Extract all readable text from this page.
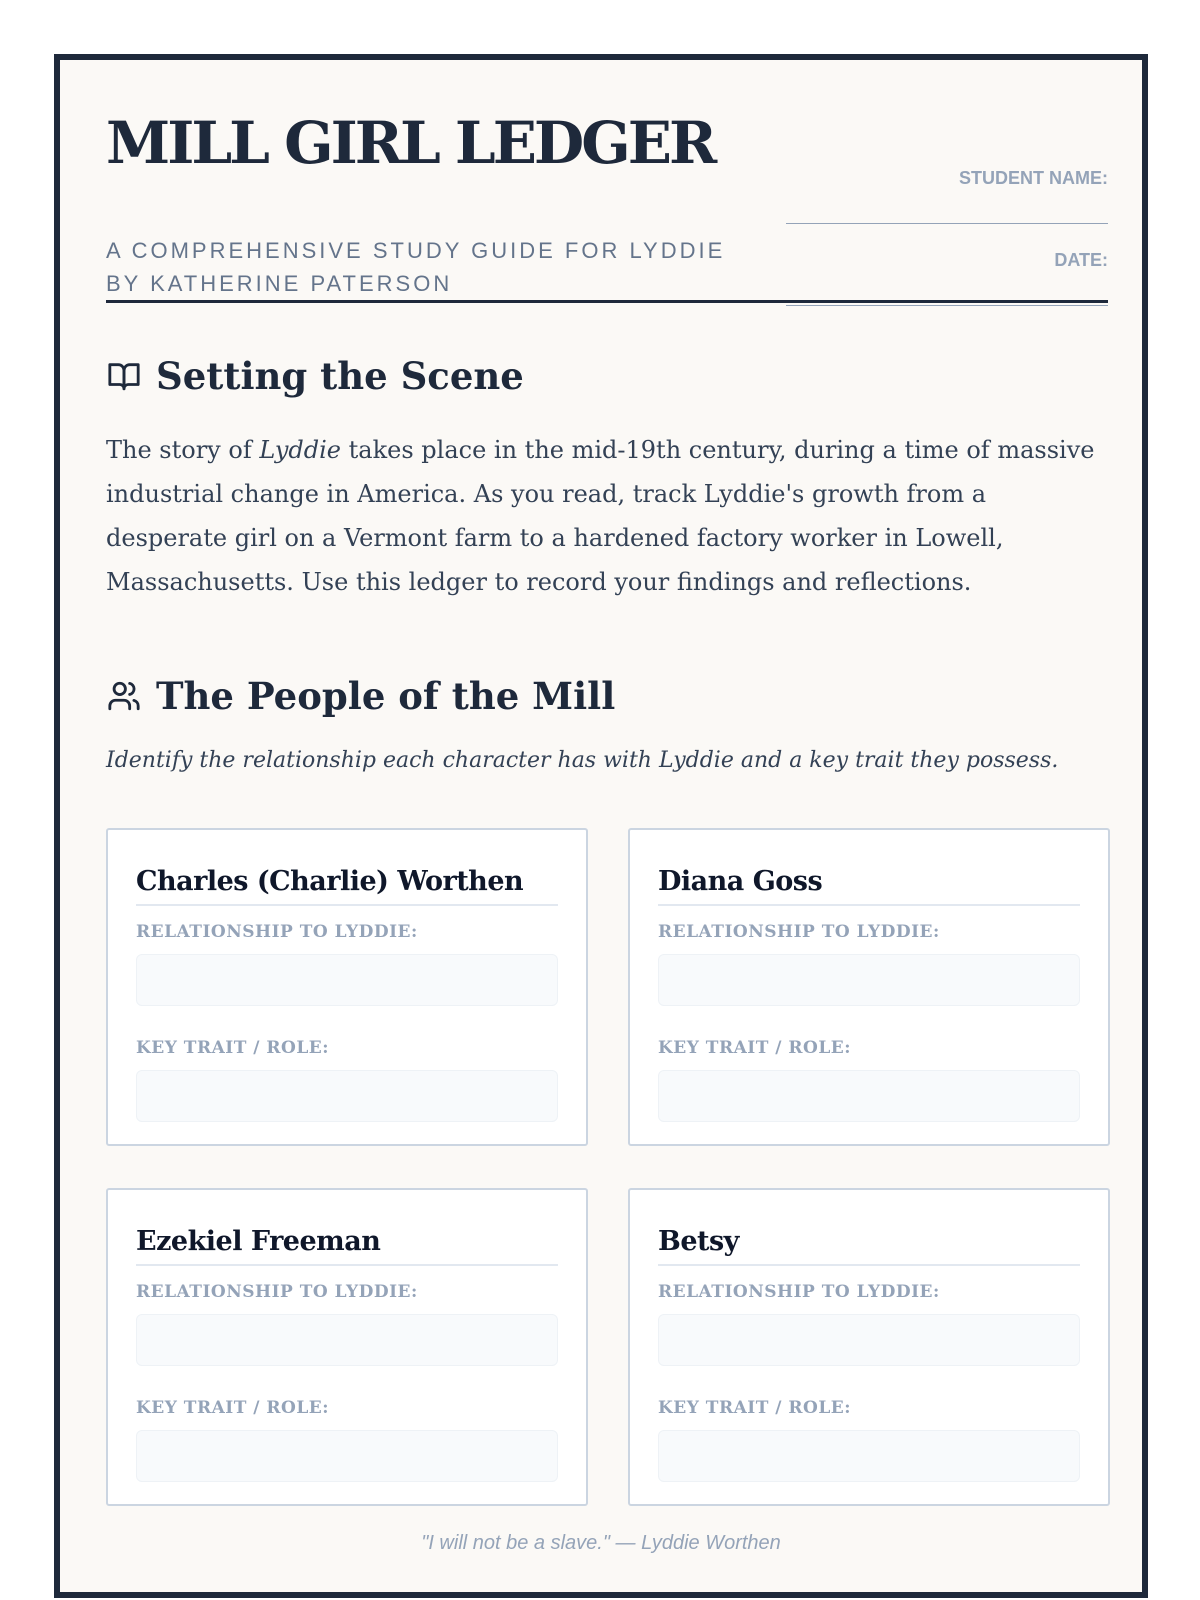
MILL GIRL LEDGER
A COMPREHENSIVE STUDY GUIDE FOR LYDDIE BY KATHERINE PATERSON
STUDENT NAME:
DATE:
Setting the Scene

The story of Lyddie takes place in the mid-19th century, during a time of massive industrial change in America. As you read, track Lyddie's growth from a desperate girl on a Vermont farm to a hardened factory worker in Lowell, Massachusetts. Use this ledger to record your findings and reflections.

The People of the Mill

Identify the relationship each character has with Lyddie and a key trait they possess.

Charles (Charlie) Worthen
RELATIONSHIP TO LYDDIE:
KEY TRAIT / ROLE:
Diana Goss
RELATIONSHIP TO LYDDIE:
KEY TRAIT / ROLE:
Ezekiel Freeman
RELATIONSHIP TO LYDDIE:
KEY TRAIT / ROLE:
Betsy
RELATIONSHIP TO LYDDIE:
KEY TRAIT / ROLE:
"I will not be a slave." — Lyddie Worthen
